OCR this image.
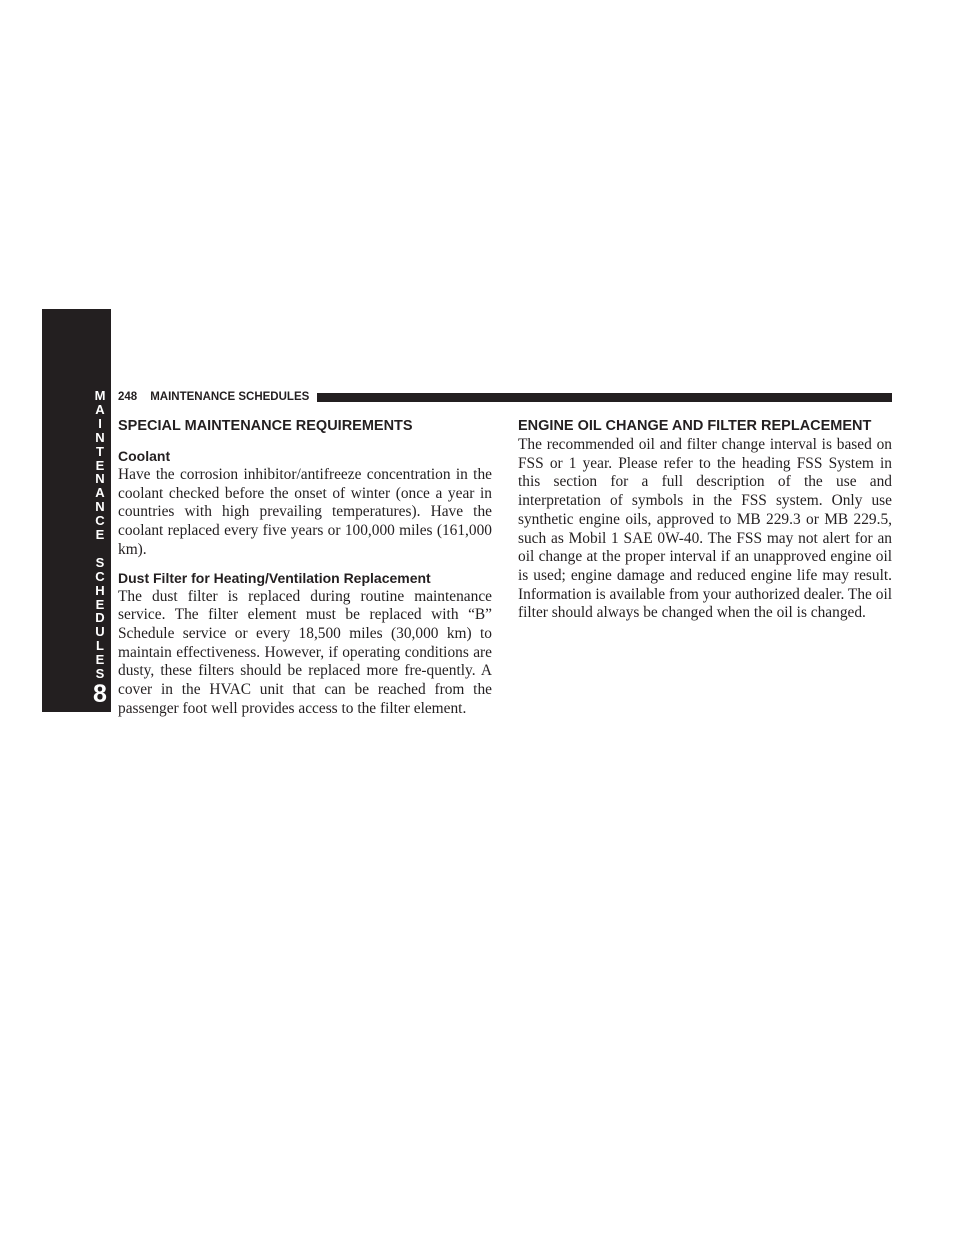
M
A
I
N
T
E
N
A
N
C
E
S
C
H
E
D
U
L
E
S
8
248 MAINTENANCE SCHEDULES
SPECIAL MAINTENANCE REQUIREMENTS
Coolant

Have the corrosion inhibitor/antifreeze concentration in the coolant checked before the onset of winter (once a year in countries with high prevailing temperatures). Have the coolant replaced every five years or 100,000 miles (161,000 km).

Dust Filter for Heating/Ventilation Replacement

The dust filter is replaced during routine maintenance service. The filter element must be replaced with “B” Schedule service or every 18,500 miles (30,000 km) to maintain effectiveness. However, if operating conditions are dusty, these filters should be replaced more fre-quently. A cover in the HVAC unit that can be reached from the passenger foot well provides access to the filter element.

ENGINE OIL CHANGE AND FILTER REPLACEMENT

The recommended oil and filter change interval is based on FSS or 1 year. Please refer to the heading FSS System in this section for a full description of the use and interpretation of symbols in the FSS system. Only use synthetic engine oils, approved to MB 229.3 or MB 229.5, such as Mobil 1 SAE 0W-40. The FSS may not alert for an oil change at the proper interval if an unapproved engine oil is used; engine damage and reduced engine life may result. Information is available from your authorized dealer. The oil filter should always be changed when the oil is changed.
